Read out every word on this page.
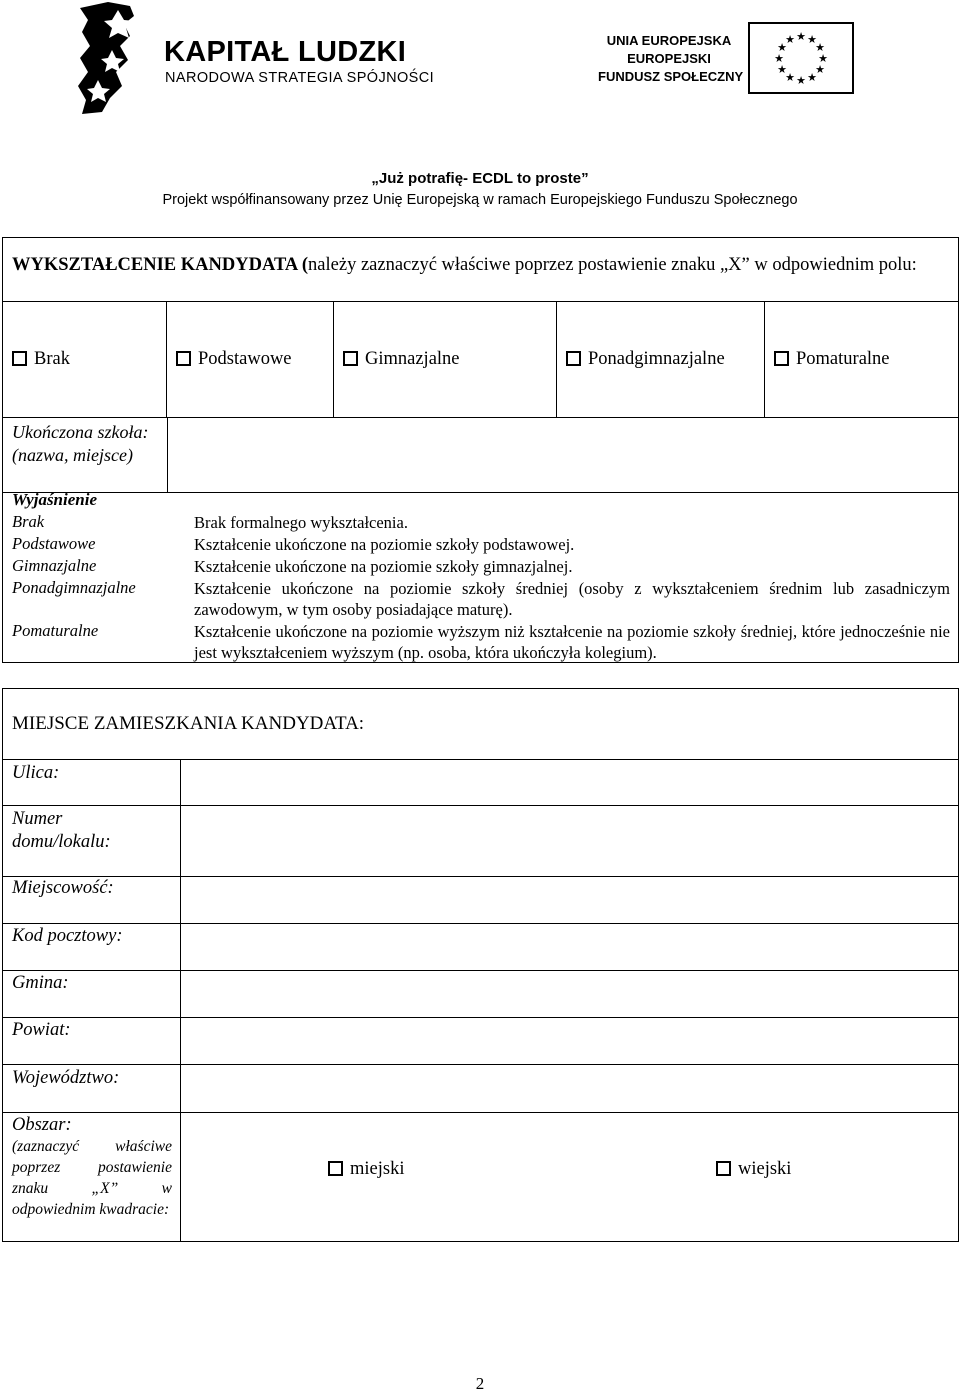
KAPITAŁ LUDZKI
NARODOWA STRATEGIA SPÓJNOŚCI
UNIA EUROPEJSKA
EUROPEJSKI
FUNDUSZ SPOŁECZNY
★ ★
★
★
★
★
★
★
★
★
★
★
„Już potrafię- ECDL to proste”
Projekt współfinansowany przez Unię Europejską w ramach Europejskiego Funduszu Społecznego
WYKSZTAŁCENIE KANDYDATA (należy zaznaczyć właściwe poprzez postawienie znaku „X” w odpowiednim polu:
Brak	Podstawowe	Gimnazjalne	Ponadgimnazjalne	Pomaturalne
Ukończona szkoła: (nazwa, miejsce)
Wyjaśnienie
Brak	Brak formalnego wykształcenia.
Podstawowe	Kształcenie ukończone na poziomie szkoły podstawowej.
Gimnazjalne	Kształcenie ukończone na poziomie szkoły gimnazjalnej.
Ponadgimnazjalne	Kształcenie ukończone na poziomie szkoły średniej (osoby z wykształceniem średnim lub zasadniczym zawodowym, w tym osoby posiadające maturę).
Pomaturalne	Kształcenie ukończone na poziomie wyższym niż kształcenie na poziomie szkoły średniej, które jednocześnie nie jest wykształceniem wyższym (np. osoba, która ukończyła kolegium).
MIEJSCE ZAMIESZKANIA KANDYDATA:
Ulica:
Numer domu/lokalu:
Miejscowość:
Kod pocztowy:
Gmina:
Powiat:
Województwo:
Obszar:
(zaznaczyć właściwe poprzez postawienie znaku „X” w odpowiednim kwadracie:
miejski	wiejski
2
